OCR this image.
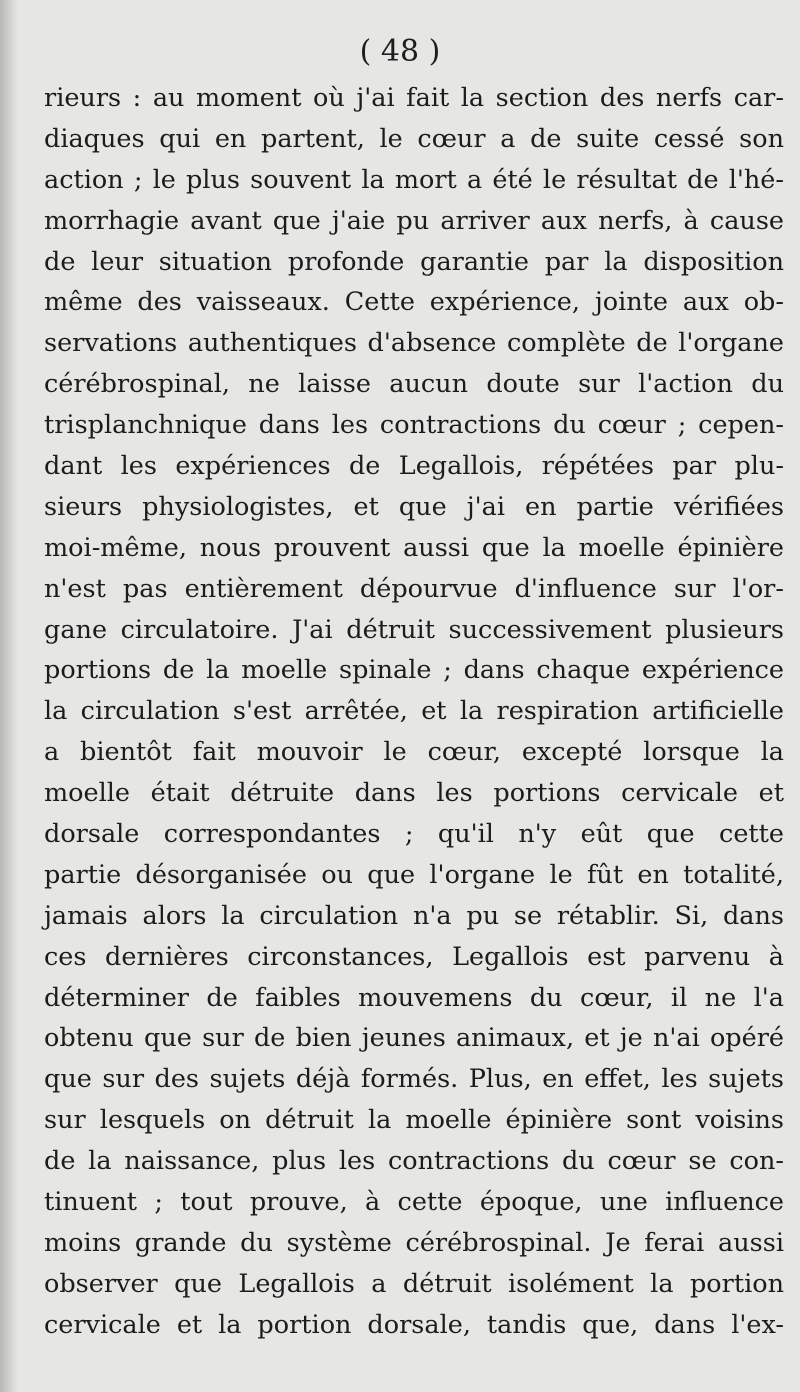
( 48 )
rieurs : au moment où j'ai fait la section des nerfs car-
diaques qui en partent, le cœur a de suite cessé son
action ; le plus souvent la mort a été le résultat de l'hé-
morrhagie avant que j'aie pu arriver aux nerfs, à cause
de leur situation profonde garantie par la disposition
même des vaisseaux. Cette expérience, jointe aux ob-
servations authentiques d'absence complète de l'organe
cérébrospinal, ne laisse aucun doute sur l'action du
trisplanchnique dans les contractions du cœur ; cepen-
dant les expériences de Legallois, répétées par plu-
sieurs physiologistes, et que j'ai en partie vérifiées
moi-même, nous prouvent aussi que la moelle épinière
n'est pas entièrement dépourvue d'influence sur l'or-
gane circulatoire. J'ai détruit successivement plusieurs
portions de la moelle spinale ; dans chaque expérience
la circulation s'est arrêtée, et la respiration artificielle
a bientôt fait mouvoir le cœur, excepté lorsque la
moelle était détruite dans les portions cervicale et
dorsale correspondantes ; qu'il n'y eût que cette
partie désorganisée ou que l'organe le fût en totalité,
jamais alors la circulation n'a pu se rétablir. Si, dans
ces dernières circonstances, Legallois est parvenu à
déterminer de faibles mouvemens du cœur, il ne l'a
obtenu que sur de bien jeunes animaux, et je n'ai opéré
que sur des sujets déjà formés. Plus, en effet, les sujets
sur lesquels on détruit la moelle épinière sont voisins
de la naissance, plus les contractions du cœur se con-
tinuent ; tout prouve, à cette époque, une influence
moins grande du système cérébrospinal. Je ferai aussi
observer que Legallois a détruit isolément la portion
cervicale et la portion dorsale, tandis que, dans l'ex-
